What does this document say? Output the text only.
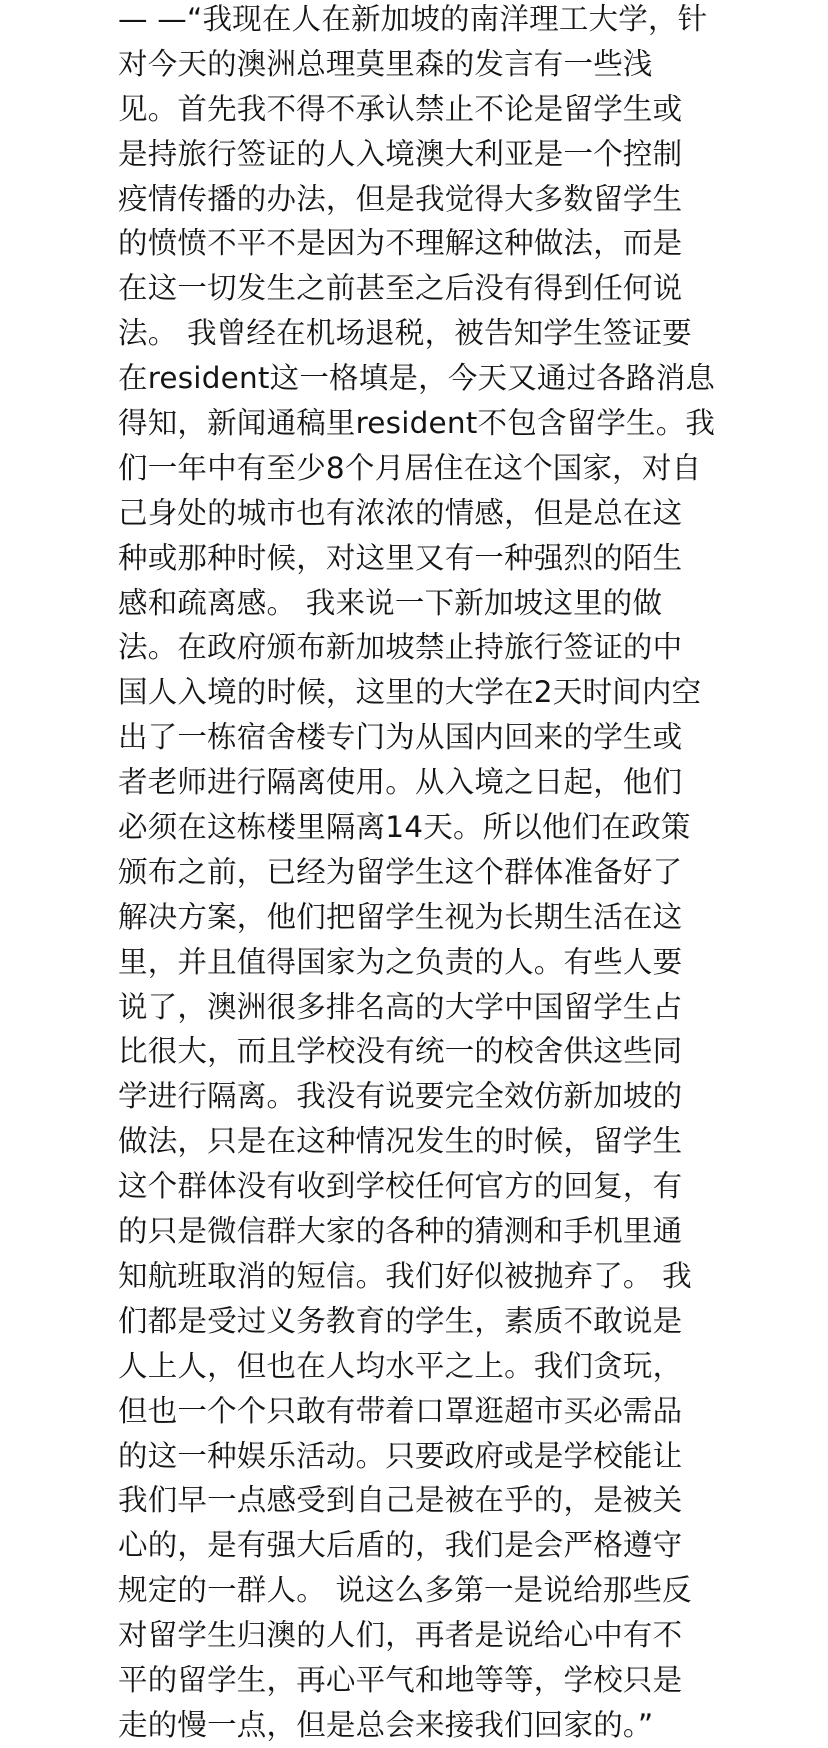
— —“我现在人在新加坡的南洋理工大学，针
对今天的澳洲总理莫里森的发言有一些浅
见。首先我不得不承认禁止不论是留学生或
是持旅行签证的人入境澳大利亚是一个控制
疫情传播的办法，但是我觉得大多数留学生
的愤愤不平不是因为不理解这种做法，而是
在这一切发生之前甚至之后没有得到任何说
法。 我曾经在机场退税，被告知学生签证要
在resident这一格填是，今天又通过各路消息
得知，新闻通稿里resident不包含留学生。我
们一年中有至少8个月居住在这个国家，对自
己身处的城市也有浓浓的情感，但是总在这
种或那种时候，对这里又有一种强烈的陌生
感和疏离感。 我来说一下新加坡这里的做
法。在政府颁布新加坡禁止持旅行签证的中
国人入境的时候，这里的大学在2天时间内空
出了一栋宿舍楼专门为从国内回来的学生或
者老师进行隔离使用。从入境之日起，他们
必须在这栋楼里隔离14天。所以他们在政策
颁布之前，已经为留学生这个群体准备好了
解决方案，他们把留学生视为长期生活在这
里，并且值得国家为之负责的人。有些人要
说了，澳洲很多排名高的大学中国留学生占
比很大，而且学校没有统一的校舍供这些同
学进行隔离。我没有说要完全效仿新加坡的
做法，只是在这种情况发生的时候，留学生
这个群体没有收到学校任何官方的回复，有
的只是微信群大家的各种的猜测和手机里通
知航班取消的短信。我们好似被抛弃了。 我
们都是受过义务教育的学生，素质不敢说是
人上人，但也在人均水平之上。我们贪玩，
但也一个个只敢有带着口罩逛超市买必需品
的这一种娱乐活动。只要政府或是学校能让
我们早一点感受到自己是被在乎的，是被关
心的，是有强大后盾的，我们是会严格遵守
规定的一群人。 说这么多第一是说给那些反
对留学生归澳的人们，再者是说给心中有不
平的留学生，再心平气和地等等，学校只是
走的慢一点，但是总会来接我们回家的。”
